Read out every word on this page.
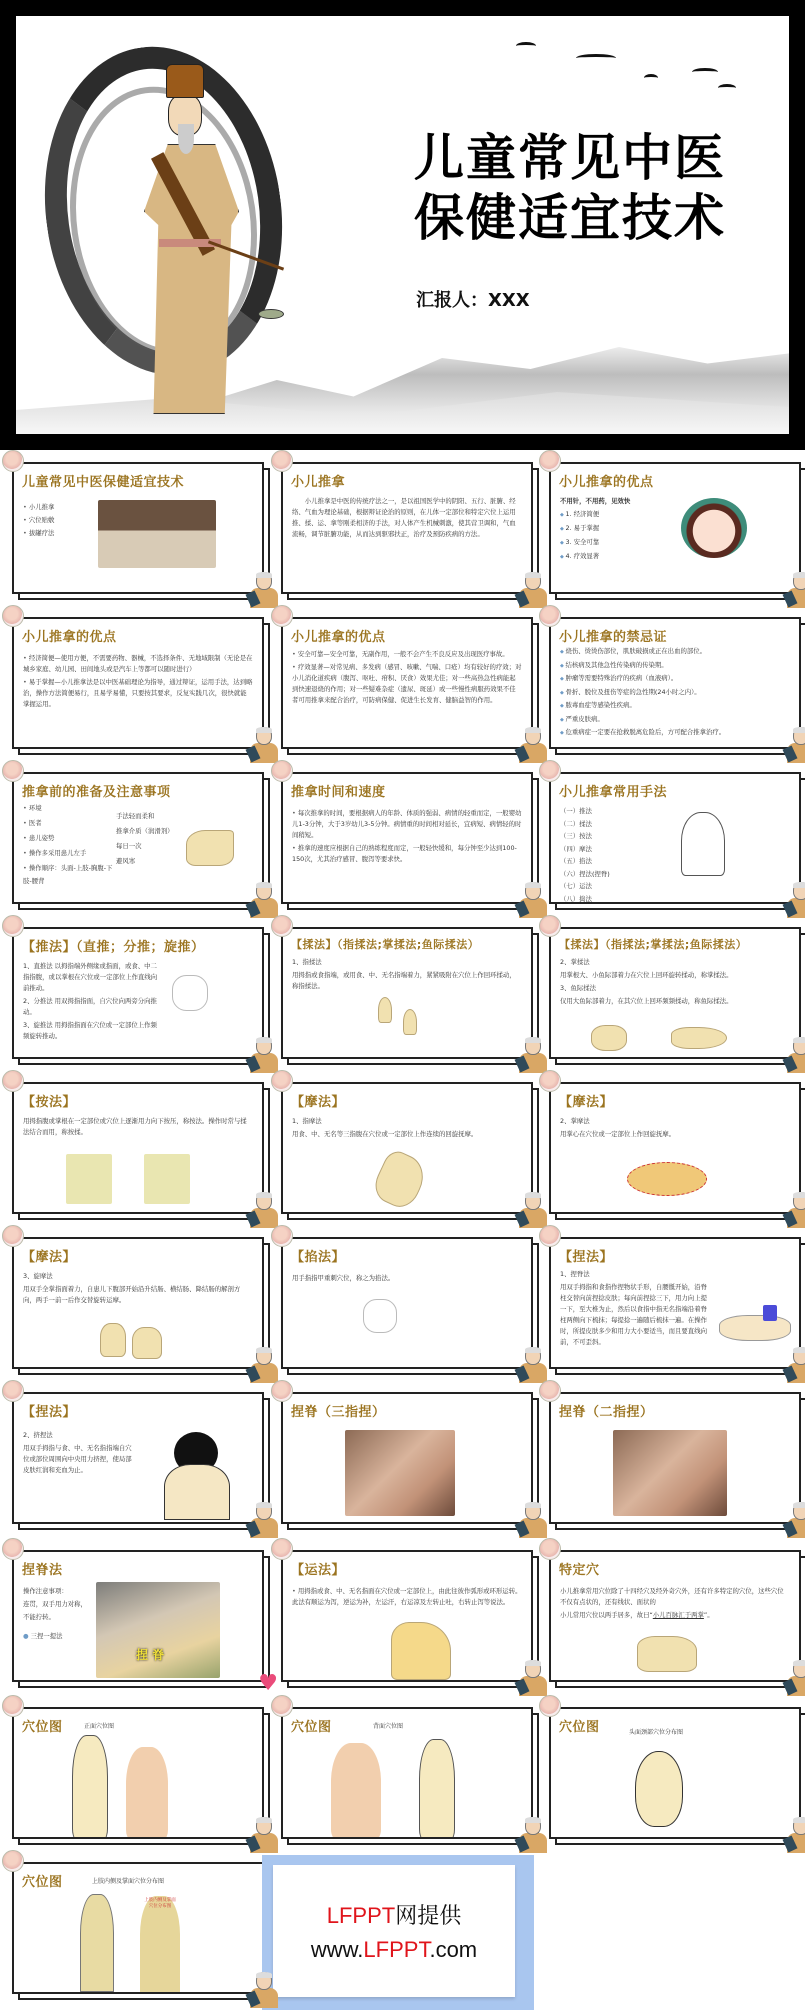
儿童常见中医
保健适宜技术
汇报人：XXX
儿童常见中医保健适宜技术

• 小儿推拿

• 穴位贴敷

• 拔罐疗法

小儿推拿
小儿推拿是中医的传统疗法之一，是以祖国医学中的阴阳、五行、脏腑、经络、气血为理论基础，根据辩证论治的原则，在儿体一定部位和特定穴位上运用推、揉、运、拿等刚柔相济的手法，对人体产生机械刺激，使其营卫调和，气血流畅，调节脏腑功能，从而达到驱邪扶正，治疗及预防疾病的方法。
小儿推拿的优点

不用针，不用药，见效快

◆ 1. 经济简便

◆ 2. 易于掌握

◆ 3. 安全可靠

◆ 4. 疗效显著

小儿推拿的优点

• 经济简便—使用方便，不需要药物、器械，不选择条件、无地域限制（无论是在城乡家庭、幼儿园、田间地头或是汽车上等都可以随时进行）

• 易于掌握—小儿推拿法是以中医基础理论为指导，通过辩证，运用手法，达到略治，操作方法简便易行，且易学易懂，只要按其要求，反复实践几次，很快就能掌握运用。

小儿推拿的优点

• 安全可靠—安全可靠，无副作用，一般不会产生不良反应及出现医疗事故。

• 疗效显著—对常见病、多发病（感冒、咳嗽、气喘、口疮）均有较好的疗效；对小儿消化道疾病（腹泻、呕吐、疳积、厌食）效果尤佳；对一些高热急性病能起到快速退烧的作用；对一些疑难杂症（遗尿、斑延）或一些慢性病服药效果不佳者可用推拿来配合治疗，可防病保健、促进生长发育、健脑益智的作用。

小儿推拿的禁忌证

◆ 烧伤、烫烫伤部位，肌肤破损或正在出血的部位。

◆ 结核病及其他急性传染病的传染期。

◆ 肿瘤等需要特殊治疗的疾病（血液病）。

◆ 骨折、脱位及扭伤等症的急性期(24小时之内）。

◆ 脓毒血症等感染性疾病。

◆ 严重皮肤病。

◆ 危重病症一定要在抢救脱离危险后，方可配合推拿治疗。

推拿前的准备及注意事项

• 环境

• 医者

• 患儿姿势

• 操作多采用患儿左手

• 操作顺序：头面-上肢-胸腹-下肢-腰背

手法轻而柔和

推拿介质（润滑剂）

每日一次

避风寒

推拿时间和速度

• 每次推拿的时间，要根据病人的年龄、体质的强弱、病情的轻重而定，一般婴幼儿1-3分钟，大于3岁幼儿3-5分钟。病情重的时间相对延长，宜病短、病情轻的时间稍短。

• 推拿的速度应根据自己的熟练程度而定，一般轻快缓和，每分钟至少达到100-150次，尤其治疗感冒、腹泻等要求快。

小儿推拿常用手法

（一）推法

（二）揉法

（三）按法

（四）摩法

（五）掐法

（六）捏法(捏脊)

（七）运法

（八）捣法

【推法】（直推；分推；旋推）

1、直推法 以拇指端外侧缘或指面，或食、中二指指腹，或以掌根在穴位或一定部位上作直线向前推动。

2、分推法 用双拇指指面，自穴位向两旁分向推动。

3、旋推法 用拇指指面在穴位或一定部位上作频频旋转推动。

【揉法】（指揉法;掌揉法;鱼际揉法）

1、指揉法

用拇指或食指端，或用食、中、无名指端着力，紧紧吸附在穴位上作回环揉动，称指揉法。

【揉法】（指揉法;掌揉法;鱼际揉法）

2、掌揉法

用掌根大、小鱼际部着力在穴位上回环旋转揉动，称掌揉法。

3、鱼际揉法

仅用大鱼际部着力，在其穴位上回环频频揉动，称鱼际揉法。

【按法】
用拇指腹或掌根在一定部位或穴位上逐渐用力向下按压，称按法。操作时常与揉法结合而用，称按揉。
【摩法】

1、指摩法

用食、中、无名等三指腹在穴位或一定部位上作连续的回旋抚摩。

【摩法】

2、掌摩法

用掌心在穴位或一定部位上作回旋抚摩。

【摩法】

3、旋摩法

用双手全掌指面着力，自患儿下腹部开始沿升结肠、横结肠、降结肠的解剖方向，两手一前一后作交替旋转运摩。

【掐法】
用手指指甲重刺穴位，称之为掐法。
【捏法】

1、捏脊法

用双手拇指和食指作捏物状手形，自腰骶开始，沿脊柱交替向前捏捻皮肤；每向前捏捻三下，用力向上提一下，至大椎为止，然后以食指中指无名指端沿着脊柱两侧向下梳抹；每提捻一遍随后梳抹一遍。在操作时，所提皮肤多少和用力大小要适当，而且要直线向前，不可歪斜。

【捏法】

2、挤捏法

用双手拇指与食、中、无名指指端自穴位或部位周围向中央用力挤捏，使局部皮肤红润和充血为止。

捏脊（三指捏）	捏脊（二指捏）
捏脊法

操作注意事项：

连贯，双手用力对称，

不能拧转。

● 三捏一提法

捏 脊
♥
【运法】

• 用拇指或食、中、无名指面在穴位或一定部位上，由此往彼作弧形或环形运转。此法有顺运为泻，逆运为补，左运汗，右运凉及左转止吐，右转止泻等说法。

特定穴

小儿推拿常用穴位除了十四经穴及经外奇穴外，还有许多特定的穴位，这些穴位不仅有点状的，还有线状、面状的

小儿常用穴位以两手居多，故曰“小儿百脉汇于两掌”。

穴位图	正面穴位图	穴位图	背面穴位图	穴位图	头面颈部穴位分布图
穴位图	上肢内侧及掌面穴位分布图
上肢内侧及掌面
穴位分布图	LFPPT网提供
www.LFPPT.com
